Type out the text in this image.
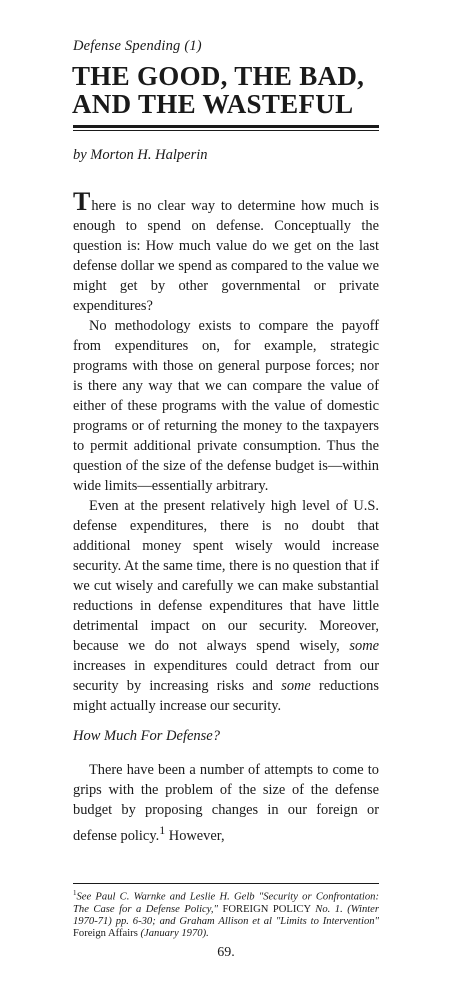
Defense Spending (1)
THE GOOD, THE BAD,
AND THE WASTEFUL
by Morton H. Halperin

There is no clear way to determine how much is enough to spend on defense. Conceptually the question is: How much value do we get on the last defense dollar we spend as compared to the value we might get by other governmental or private expenditures?

No methodology exists to compare the payoff from expenditures on, for example, strategic programs with those on general purpose forces; nor is there any way that we can compare the value of either of these programs with the value of domestic programs or of returning the money to the taxpayers to permit additional private consumption. Thus the question of the size of the defense budget is—within wide limits—essentially arbitrary.

Even at the present relatively high level of U.S. defense expenditures, there is no doubt that additional money spent wisely would increase security. At the same time, there is no question that if we cut wisely and carefully we can make substantial reductions in defense expenditures that have little detrimental impact on our security. Moreover, because we do not always spend wisely, some increases in expenditures could detract from our security by increasing risks and some reductions might actually increase our security.

How Much For Defense?

There have been a number of attempts to come to grips with the problem of the size of the defense budget by proposing changes in our foreign or defense policy.$^1$ However,

$^1$See Paul C. Warnke and Leslie H. Gelb "Security or Confrontation: The Case for a Defense Policy," FOREIGN POLICY No. 1. (Winter 1970-71) pp. 6-30; and Graham Allison et al "Limits to Intervention" Foreign Affairs (January 1970).
69.
